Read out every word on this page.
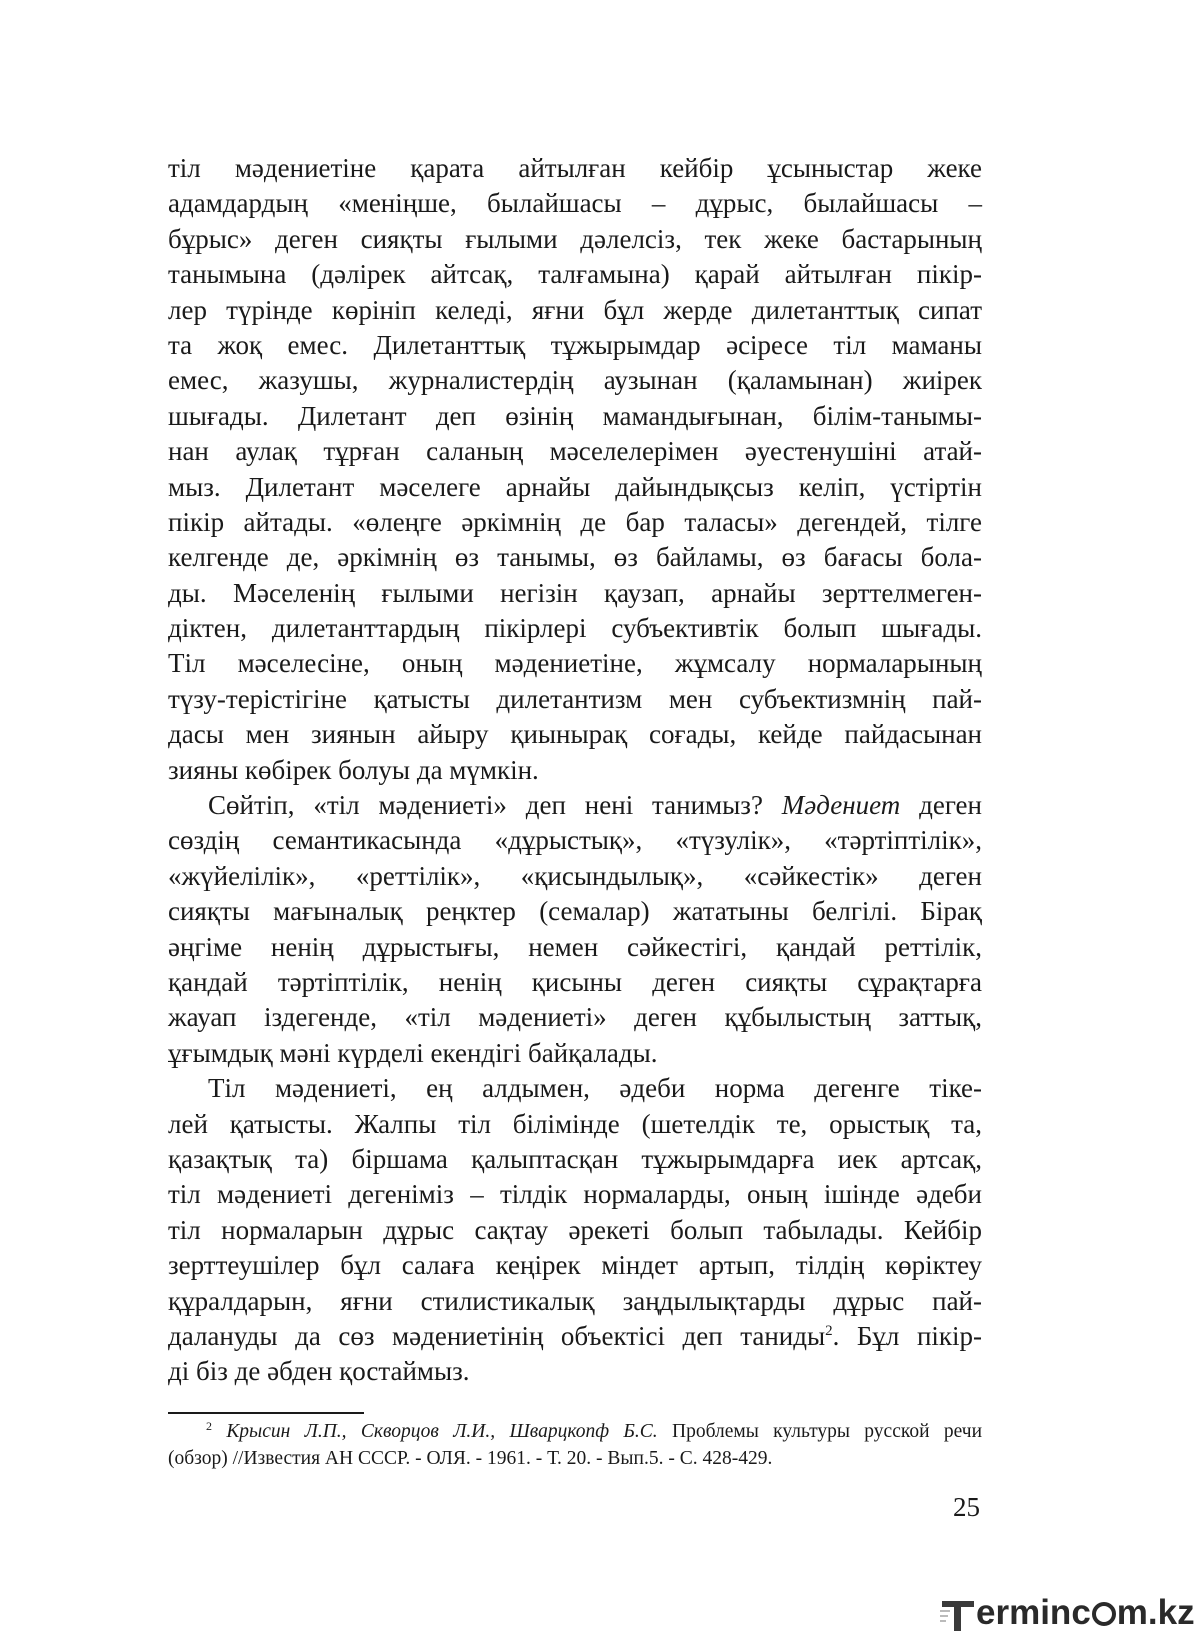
тіл мәдениетіне қарата айтылған кейбір ұсыныстар жеке
адамдардың «меніңше, былайшасы – дұрыс, былайшасы –
бұрыс» деген сияқты ғылыми дәлелсіз, тек жеке бастарының
танымына (дәлірек айтсақ, талғамына) қарай айтылған пікір-
лер түрінде көрініп келеді, яғни бұл жерде дилетанттық сипат
та жоқ емес. Дилетанттық тұжырымдар әсіресе тіл маманы
емес, жазушы, журналистердің аузынан (қаламынан) жиірек
шығады. Дилетант деп өзінің мамандығынан, білім-танымы-
нан аулақ тұрған саланың мәселелерімен әуестенушіні атай-
мыз. Дилетант мәселеге арнайы дайындықсыз келіп, үстіртін
пікір айтады. «өлеңге әркімнің де бар таласы» дегендей, тілге
келгенде де, әркімнің өз танымы, өз байламы, өз бағасы бола-
ды. Мәселенің ғылыми негізін қаузап, арнайы зерттелмеген-
діктен, дилетанттардың пікірлері субъективтік болып шығады.
Тіл мәселесіне, оның мәдениетіне, жұмсалу нормаларының
түзу-терістігіне қатысты дилетантизм мен субъектизмнің пай-
дасы мен зиянын айыру қиынырақ соғады, кейде пайдасынан
зияны көбірек болуы да мүмкін.
Сөйтіп, «тіл мәдениеті» деп нені танимыз? Мәдениет деген
сөздің семантикасында «дұрыстық», «түзулік», «тәртіптілік»,
«жүйелілік», «реттілік», «қисындылық», «сәйкестік» деген
сияқты мағыналық реңктер (семалар) жататыны белгілі. Бірақ
әңгіме ненің дұрыстығы, немен сәйкестігі, қандай реттілік,
қандай тәртіптілік, ненің қисыны деген сияқты сұрақтарға
жауап іздегенде, «тіл мәдениеті» деген құбылыстың заттық,
ұғымдық мәні күрделі екендігі байқалады.
Тіл мәдениеті, ең алдымен, әдеби норма дегенге тіке-
лей қатысты. Жалпы тіл білімінде (шетелдік те, орыстық та,
қазақтық та) біршама қалыптасқан тұжырымдарға иек артсақ,
тіл мәдениеті дегеніміз – тілдік нормаларды, оның ішінде әдеби
тіл нормаларын дұрыс сақтау әрекеті болып табылады. Кейбір
зерттеушілер бұл салаға кеңірек міндет артып, тілдің көріктеу
құралдарын, яғни стилистикалық заңдылықтарды дұрыс пай-
далануды да сөз мәдениетінің объектісі деп таниды$^2$. Бұл пікір-
ді біз де әбден қостаймыз.
$^2$ Крысин Л.П., Скворцов Л.И., Шварцкопф Б.С. Проблемы культуры русской речи
(обзор) //Известия АН СССР. - ОЛЯ. - 1961. - Т. 20. - Вып.5. - С. 428-429.
25
erminc m.kz
